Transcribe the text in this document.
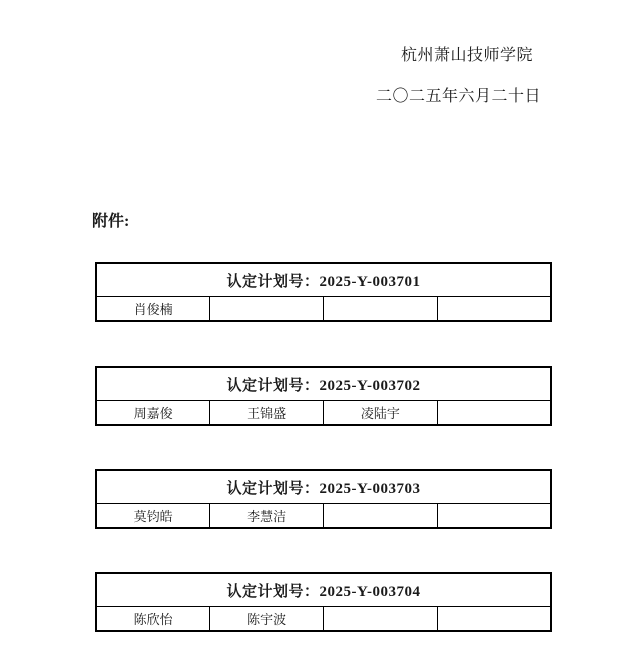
杭州萧山技师学院
二〇二五年六月二十日
附件:
认定计划号：2025-Y-003701
肖俊楠			
认定计划号：2025-Y-003702
周嘉俊	王锦盛	凌陆宇	
认定计划号：2025-Y-003703
莫钧皓	李慧洁		
认定计划号：2025-Y-003704
陈欣怡	陈宇波		
